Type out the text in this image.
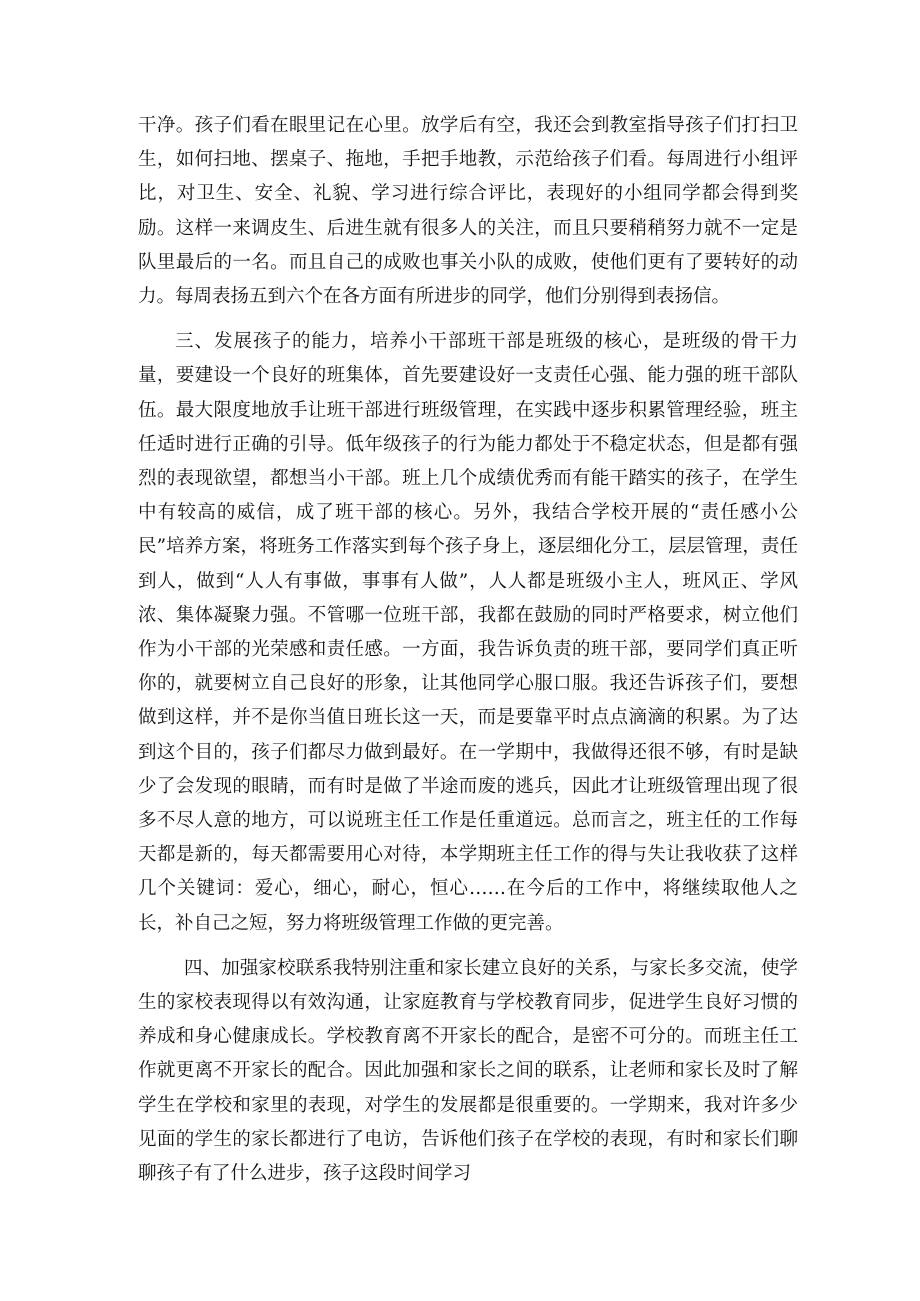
干净。孩子们看在眼里记在心里。放学后有空，我还会到教室指导孩子们打扫卫生，如何扫地、摆桌子、拖地，手把手地教，示范给孩子们看。每周进行小组评比，对卫生、安全、礼貌、学习进行综合评比，表现好的小组同学都会得到奖励。这样一来调皮生、后进生就有很多人的关注，而且只要稍稍努力就不一定是队里最后的一名。而且自己的成败也事关小队的成败，使他们更有了要转好的动力。每周表扬五到六个在各方面有所进步的同学，他们分别得到表扬信。

三、发展孩子的能力，培养小干部班干部是班级的核心，是班级的骨干力量，要建设一个良好的班集体，首先要建设好一支责任心强、能力强的班干部队伍。最大限度地放手让班干部进行班级管理，在实践中逐步积累管理经验，班主任适时进行正确的引导。低年级孩子的行为能力都处于不稳定状态，但是都有强烈的表现欲望，都想当小干部。班上几个成绩优秀而有能干踏实的孩子，在学生中有较高的威信，成了班干部的核心。另外，我结合学校开展的“责任感小公民”培养方案，将班务工作落实到每个孩子身上，逐层细化分工，层层管理，责任到人，做到“人人有事做，事事有人做”，人人都是班级小主人，班风正、学风浓、集体凝聚力强。不管哪一位班干部，我都在鼓励的同时严格要求，树立他们作为小干部的光荣感和责任感。一方面，我告诉负责的班干部，要同学们真正听你的，就要树立自己良好的形象，让其他同学心服口服。我还告诉孩子们，要想做到这样，并不是你当值日班长这一天，而是要靠平时点点滴滴的积累。为了达到这个目的，孩子们都尽力做到最好。在一学期中，我做得还很不够，有时是缺少了会发现的眼睛，而有时是做了半途而废的逃兵，因此才让班级管理出现了很多不尽人意的地方，可以说班主任工作是任重道远。总而言之，班主任的工作每天都是新的，每天都需要用心对待，本学期班主任工作的得与失让我收获了这样几个关键词：爱心，细心，耐心，恒心……在今后的工作中，将继续取他人之长，补自己之短，努力将班级管理工作做的更完善。

四、加强家校联系我特别注重和家长建立良好的关系，与家长多交流，使学生的家校表现得以有效沟通，让家庭教育与学校教育同步，促进学生良好习惯的养成和身心健康成长。学校教育离不开家长的配合，是密不可分的。而班主任工作就更离不开家长的配合。因此加强和家长之间的联系，让老师和家长及时了解学生在学校和家里的表现，对学生的发展都是很重要的。一学期来，我对许多少见面的学生的家长都进行了电访，告诉他们孩子在学校的表现，有时和家长们聊聊孩子有了什么进步，孩子这段时间学习
